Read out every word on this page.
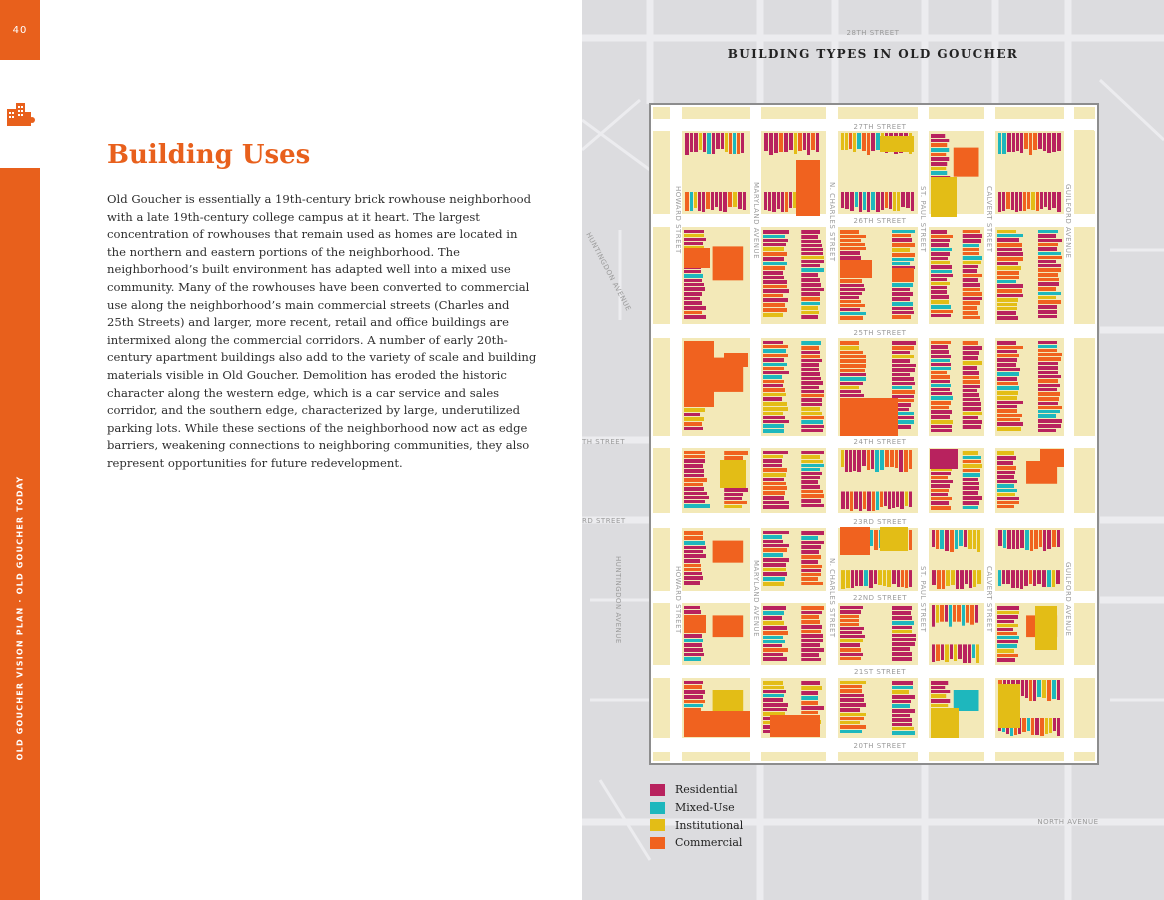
40
OLD GOUCHER VISION PLAN · OLD GOUCHER TODAY
Building Uses

Old Goucher is essentially a 19th-century brick rowhouse neighborhood with a late 19th-century college campus at it heart. The largest concentration of rowhouses that remain used as homes are located in the northern and eastern portions of the neighborhood. The neighborhood’s built environment has adapted well into a mixed use community. Many of the rowhouses have been converted to commercial use along the neighborhood’s main commercial streets (Charles and 25th Streets) and larger, more recent, retail and office buildings are intermixed along the commercial corridors. A number of early 20th-century apartment buildings also add to the variety of scale and building materials visible in Old Goucher. Demolition has eroded the historic character along the western edge, which is a car service and sales corridor, and the southern edge, characterized by large, underutilized parking lots. While these sections of the neighborhood now act as edge barriers, weakening connections to neighboring communities, they also represent opportunities for future redevelopment.

27TH STREET
26TH STREET
25TH STREET
24TH STREET
23RD STREET
22ND STREET
21ST STREET
20TH STREET
28TH STREET
NORTH AVENUE
TH STREET
RD STREET
HOWARD STREET	MARYLAND AVENUE	N. CHARLES STREET	ST. PAUL STREET	CALVERT STREET	GUILFORD AVENUE
HOWARD STREET	MARYLAND AVENUE	N. CHARLES STREET	ST. PAUL STREET	CALVERT STREET	GUILFORD AVENUE
HUNTINGDON AVENUE
HUNTINGDON AVENUE
BUILDING TYPES IN OLD GOUCHER
Residential
Mixed-Use
Institutional
Commercial
